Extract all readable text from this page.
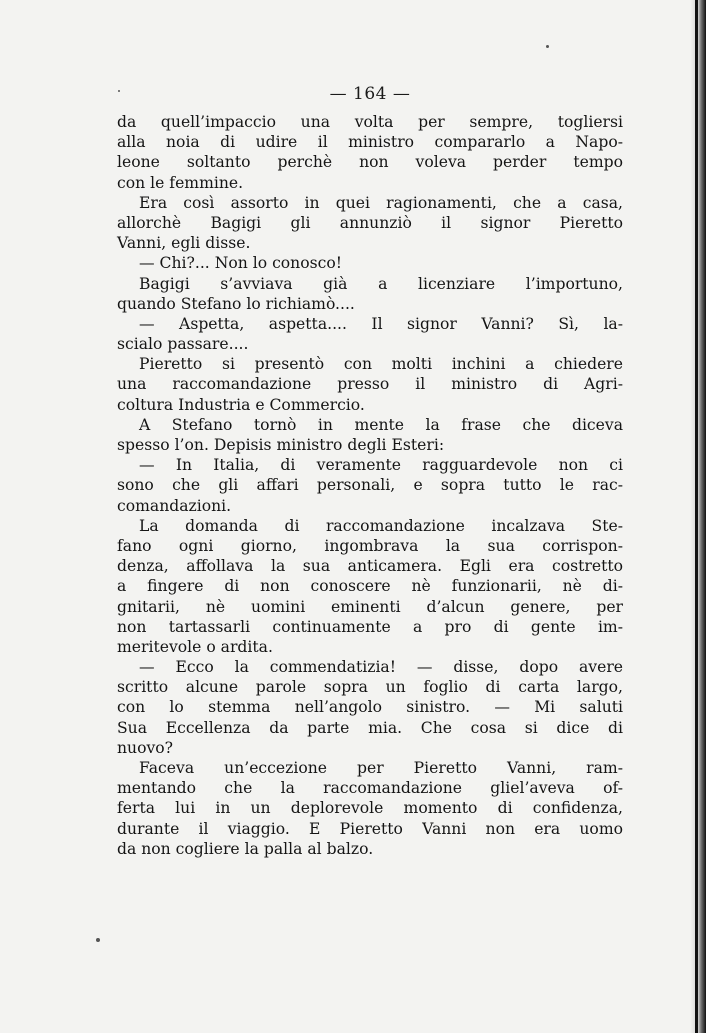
— 164 —
da quell’impaccio una volta per sempre, togliersi
alla noia di udire il ministro compararlo a Napo-
leone soltanto perchè non voleva perder tempo
con le femmine.
Era così assorto in quei ragionamenti, che a casa,
allorchè Bagigi gli annunziò il signor Pieretto
Vanni, egli disse.
— Chi?... Non lo conosco!
Bagigi s’avviava già a licenziare l’importuno,
quando Stefano lo richiamò....
— Aspetta, aspetta.... Il signor Vanni? Sì, la-
scialo passare....
Pieretto si presentò con molti inchini a chiedere
una raccomandazione presso il ministro di Agri-
coltura Industria e Commercio.
A Stefano tornò in mente la frase che diceva
spesso l’on. Depisis ministro degli Esteri:
— In Italia, di veramente ragguardevole non ci
sono che gli affari personali, e sopra tutto le rac-
comandazioni.
La domanda di raccomandazione incalzava Ste-
fano ogni giorno, ingombrava la sua corrispon-
denza, affollava la sua anticamera. Egli era costretto
a fingere di non conoscere nè funzionarii, nè di-
gnitarii, nè uomini eminenti d’alcun genere, per
non tartassarli continuamente a pro di gente im-
meritevole o ardita.
— Ecco la commendatizia! — disse, dopo avere
scritto alcune parole sopra un foglio di carta largo,
con lo stemma nell’angolo sinistro. — Mi saluti
Sua Eccellenza da parte mia. Che cosa si dice di
nuovo?
Faceva un’eccezione per Pieretto Vanni, ram-
mentando che la raccomandazione gliel’aveva of-
ferta lui in un deplorevole momento di confidenza,
durante il viaggio. E Pieretto Vanni non era uomo
da non cogliere la palla al balzo.
